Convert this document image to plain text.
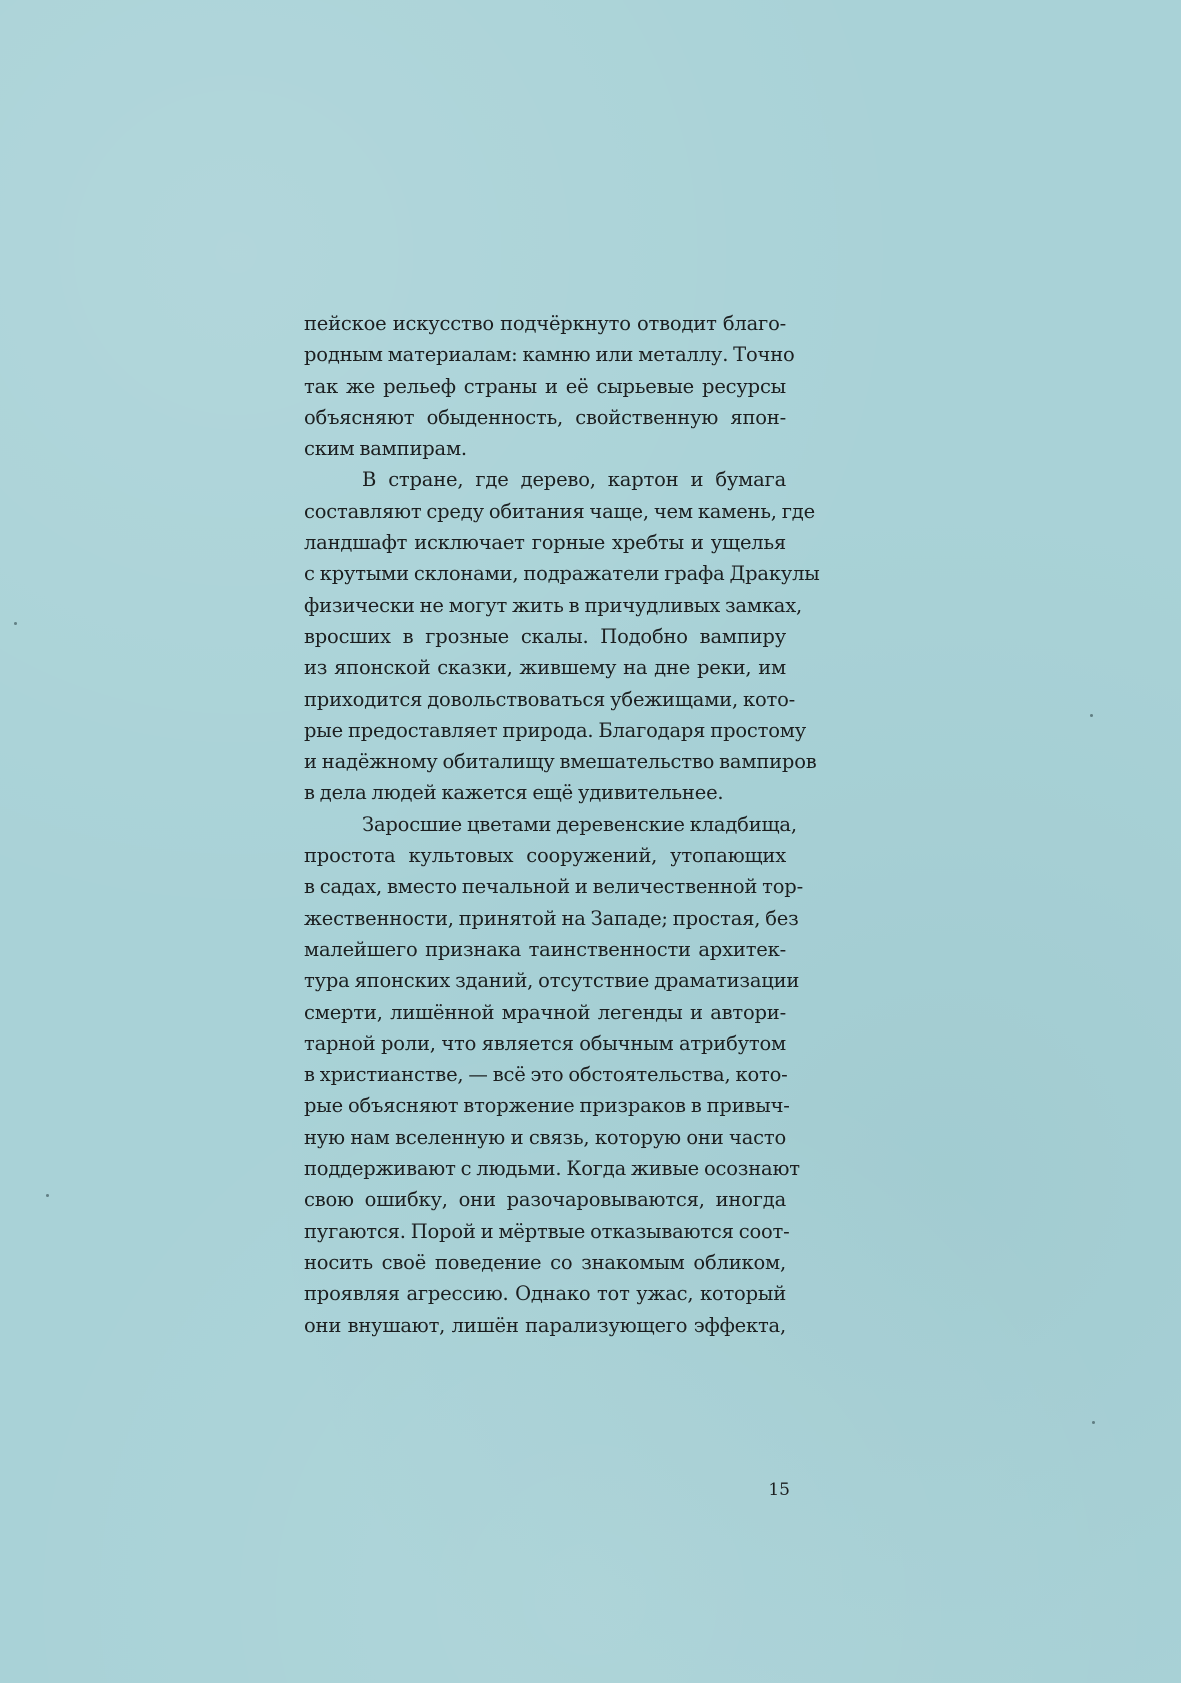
пейское искусство подчёркнуто отводит благо-
родным материалам: камню или металлу. Точно
так же рельеф страны и её сырьевые ресурсы
объясняют обыденность, свойственную япон-
ским вампирам.
В стране, где дерево, картон и бумага
составляют среду обитания чаще, чем камень, где
ландшафт исключает горные хребты и ущелья
с крутыми склонами, подражатели графа Дракулы
физически не могут жить в причудливых замках,
вросших в грозные скалы. Подобно вампиру
из японской сказки, жившему на дне реки, им
приходится довольствоваться убежищами, кото-
рые предоставляет природа. Благодаря простому
и надёжному обиталищу вмешательство вампиров
в дела людей кажется ещё удивительнее.
Заросшие цветами деревенские кладбища,
простота культовых сооружений, утопающих
в садах, вместо печальной и величественной тор-
жественности, принятой на Западе; простая, без
малейшего признака таинственности архитек-
тура японских зданий, отсутствие драматизации
смерти, лишённой мрачной легенды и автори-
тарной роли, что является обычным атрибутом
в христианстве, — всё это обстоятельства, кото-
рые объясняют вторжение призраков в привыч-
ную нам вселенную и связь, которую они часто
поддерживают с людьми. Когда живые осознают
свою ошибку, они разочаровываются, иногда
пугаются. Порой и мёртвые отказываются соот-
носить своё поведение со знакомым обликом,
проявляя агрессию. Однако тот ужас, который
они внушают, лишён парализующего эффекта,
15
